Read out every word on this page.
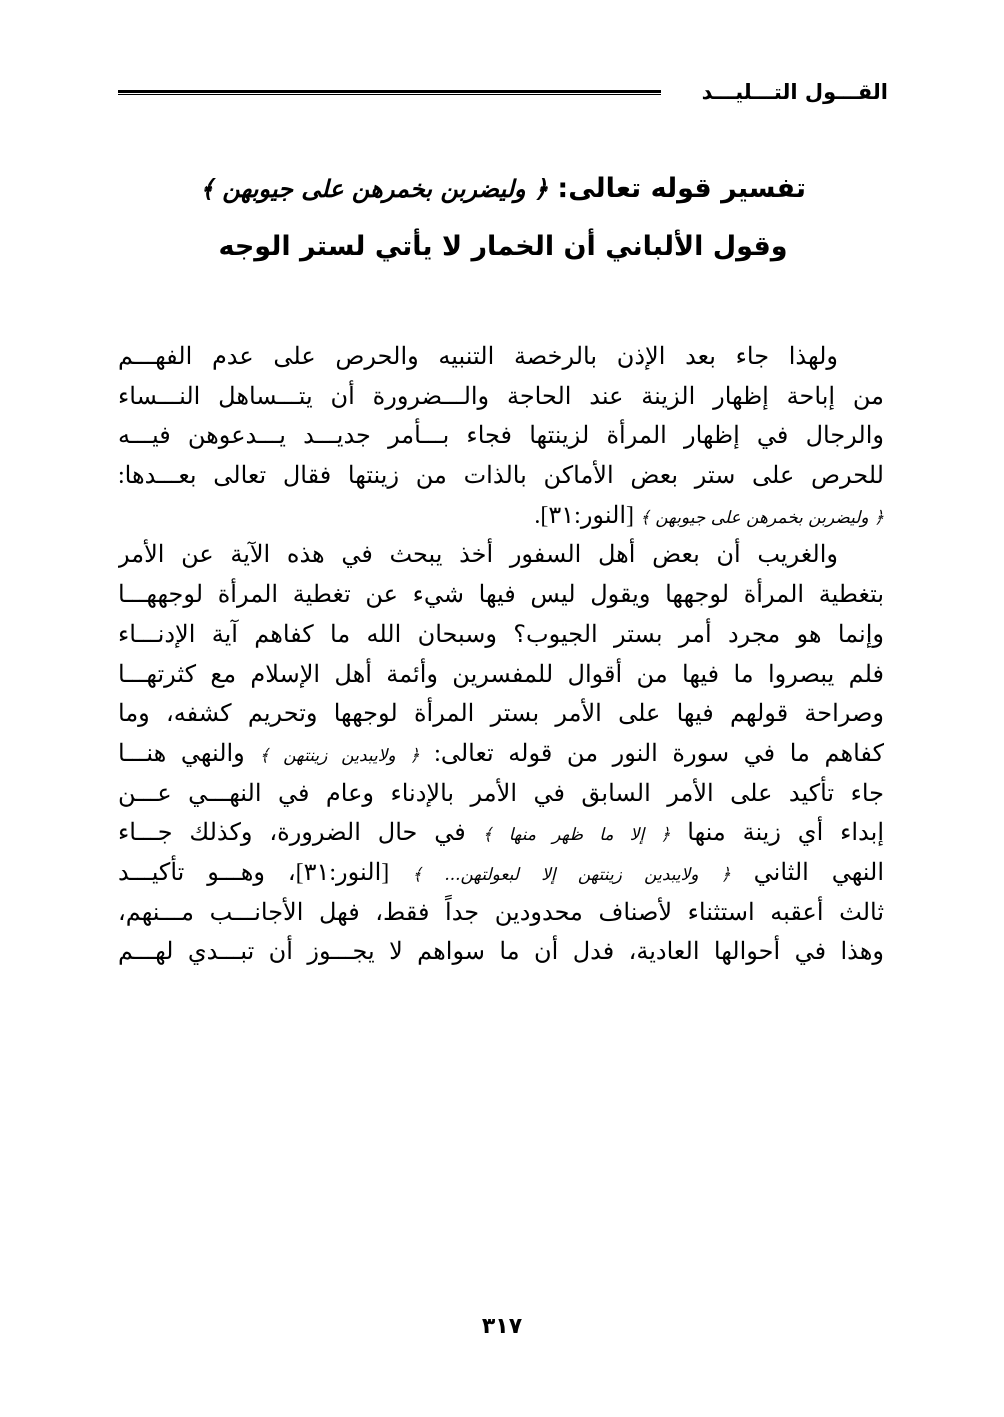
القـــول التـــليـــد
تفسير قوله تعالى: ﴿ وليضربن بخمرهن على جيوبهن ﴾
وقول الألباني أن الخمار لا يأتي لستر الوجه
ولهذا جاء بعد الإذن بالرخصة التنبيه والحرص على عدم الفهـــم
من إباحة إظهار الزينة عند الحاجة والـــضرورة أن يتـــساهل النـــساء
والرجال في إظهار المرأة لزينتها فجاء بـــأمر جديـــد يـــدعوهن فيـــه
للحرص على ستر بعض الأماكن بالذات من زينتها فقال تعالى بعـــدها:
﴿ وليضربن بخمرهن على جيوبهن ﴾ [النور:٣١].
والغريب أن بعض أهل السفور أخذ يبحث في هذه الآية عن الأمر
بتغطية المرأة لوجهها ويقول ليس فيها شيء عن تغطية المرأة لوجههـــا
وإنما هو مجرد أمر بستر الجيوب؟ وسبحان الله ما كفاهم آية الإدنـــاء
فلم يبصروا ما فيها من أقوال للمفسرين وأئمة أهل الإسلام مع كثرتهـــا
وصراحة قولهم فيها على الأمر بستر المرأة لوجهها وتحريم كشفه، وما
كفاهم ما في سورة النور من قوله تعالى: ﴿ ولايبدين زينتهن ﴾ والنهي هنـــا
جاء تأكيد على الأمر السابق في الأمر بالإدناء وعام في النهـــي عـــن
إبداء أي زينة منها ﴿ إلا ما ظهر منها ﴾ في حال الضرورة، وكذلك جـــاء
النهي الثاني ﴿ ولايبدين زينتهن إلا لبعولتهن... ﴾ [النور:٣١]، وهـــو تأكيـــد
ثالث أعقبه استثناء لأصناف محدودين جداً فقط، فهل الأجانـــب مـــنهم،
وهذا في أحوالها العادية، فدل أن ما سواهم لا يجـــوز أن تبـــدي لهـــم
٣١٧
